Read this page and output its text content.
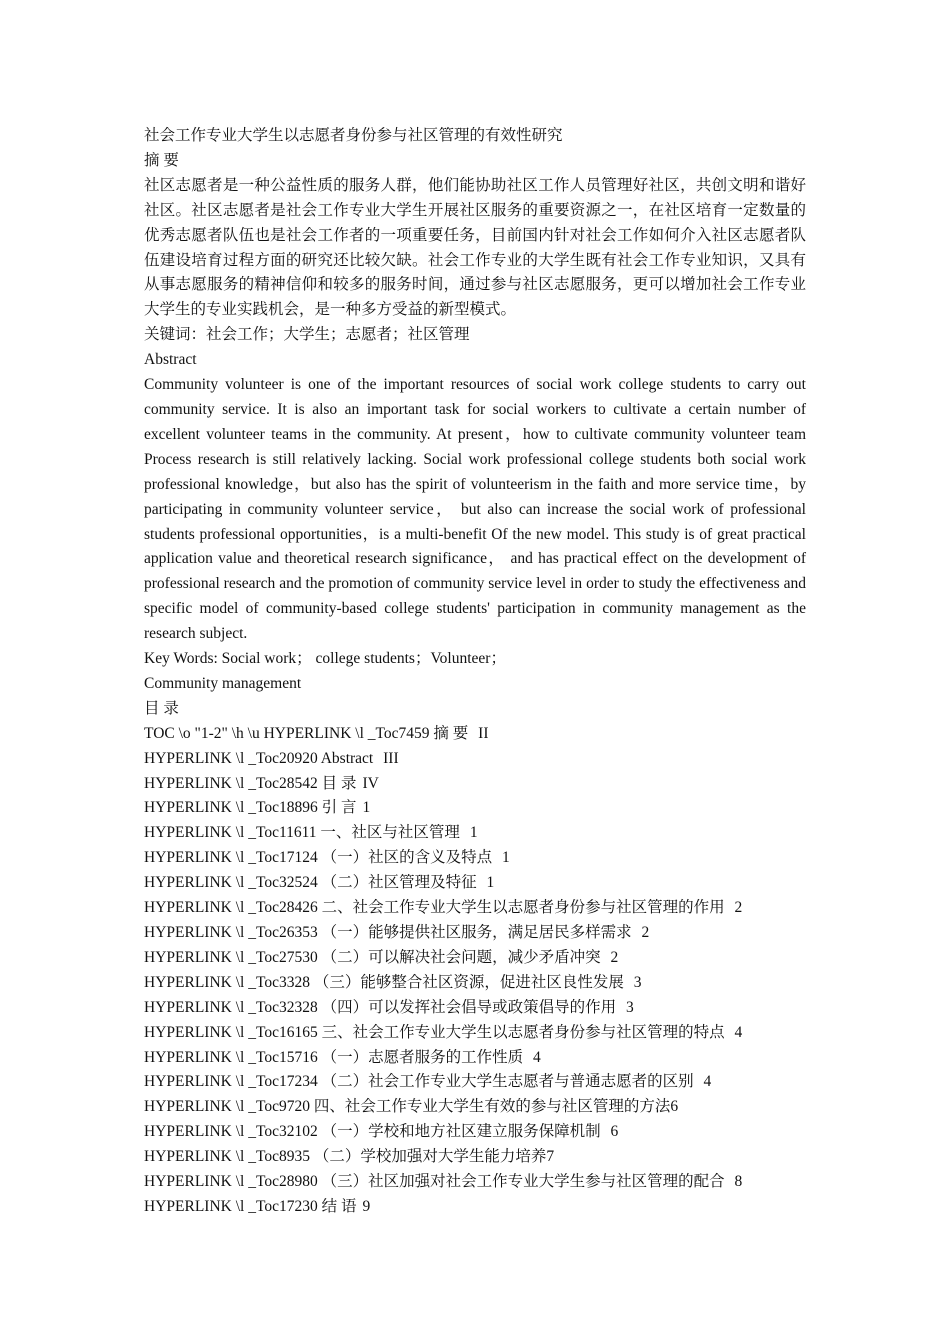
社会工作专业大学生以志愿者身份参与社区管理的有效性研究

摘 要

社区志愿者是一种公益性质的服务人群，他们能协助社区工作人员管理好社区，共创文明和谐好社区。社区志愿者是社会工作专业大学生开展社区服务的重要资源之一，在社区培育一定数量的优秀志愿者队伍也是社会工作者的一项重要任务，目前国内针对社会工作如何介入社区志愿者队伍建设培育过程方面的研究还比较欠缺。社会工作专业的大学生既有社会工作专业知识，又具有从事志愿服务的精神信仰和较多的服务时间，通过参与社区志愿服务，更可以增加社会工作专业大学生的专业实践机会，是一种多方受益的新型模式。

关键词：社会工作；大学生；志愿者；社区管理

Abstract

Community volunteer is one of the important resources of social work college students to carry out community service. It is also an important task for social workers to cultivate a certain number of excellent volunteer teams in the community. At present，how to cultivate community volunteer team Process research is still relatively lacking. Social work professional college students both social work professional knowledge，but also has the spirit of volunteerism in the faith and more service time，by participating in community volunteer service， but also can increase the social work of professional students professional opportunities，is a multi-benefit Of the new model. This study is of great practical application value and theoretical research significance， and has practical effect on the development of professional research and the promotion of community service level in order to study the effectiveness and specific model of community-based college students' participation in community management as the research subject.

Key Words: Social work； college students；Volunteer；

Community management

目 录

TOC \o "1-2" \h \u HYPERLINK \l _Toc7459 摘 要 II

HYPERLINK \l _Toc20920 Abstract III

HYPERLINK \l _Toc28542 目 录 IV

HYPERLINK \l _Toc18896 引 言 1

HYPERLINK \l _Toc11611 一、社区与社区管理 1

HYPERLINK \l _Toc17124 （一）社区的含义及特点 1

HYPERLINK \l _Toc32524 （二）社区管理及特征 1

HYPERLINK \l _Toc28426 二、社会工作专业大学生以志愿者身份参与社区管理的作用 2

HYPERLINK \l _Toc26353 （一）能够提供社区服务，满足居民多样需求 2

HYPERLINK \l _Toc27530 （二）可以解决社会问题，减少矛盾冲突 2

HYPERLINK \l _Toc3328 （三）能够整合社区资源，促进社区良性发展 3

HYPERLINK \l _Toc32328 （四）可以发挥社会倡导或政策倡导的作用 3

HYPERLINK \l _Toc16165 三、社会工作专业大学生以志愿者身份参与社区管理的特点 4

HYPERLINK \l _Toc15716 （一）志愿者服务的工作性质 4

HYPERLINK \l _Toc17234 （二）社会工作专业大学生志愿者与普通志愿者的区别 4

HYPERLINK \l _Toc9720 四、社会工作专业大学生有效的参与社区管理的方法6

HYPERLINK \l _Toc32102 （一）学校和地方社区建立服务保障机制 6

HYPERLINK \l _Toc8935 （二）学校加强对大学生能力培养7

HYPERLINK \l _Toc28980 （三）社区加强对社会工作专业大学生参与社区管理的配合 8

HYPERLINK \l _Toc17230 结 语 9
